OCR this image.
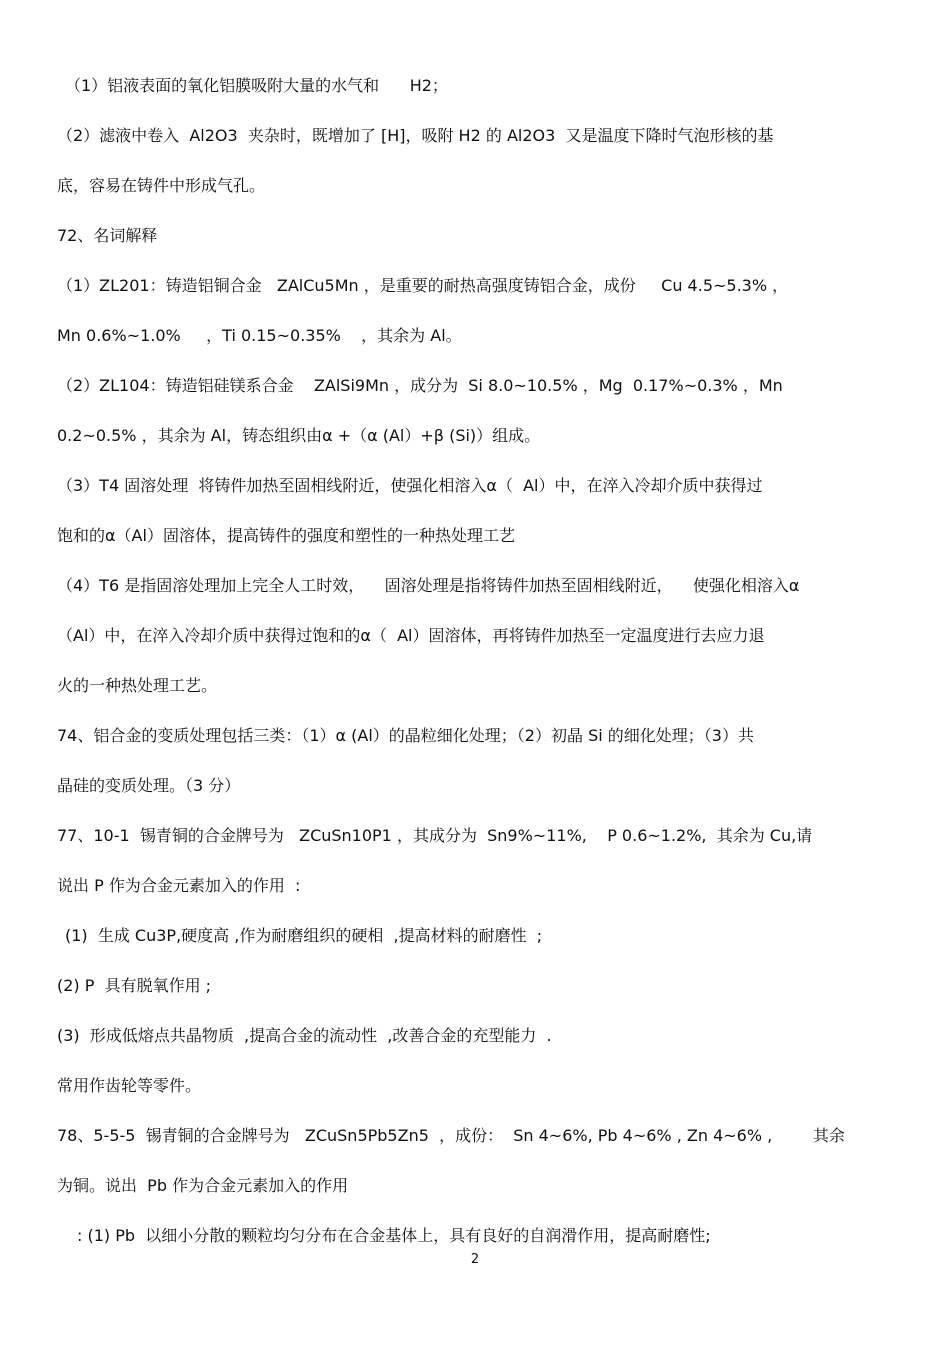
（1）铝液表面的氧化铝膜吸附大量的水气和      H2；
（2）滤液中卷入  Al2O3  夹杂时，既增加了 [H]，吸附 H2 的 Al2O3  又是温度下降时气泡形核的基
底，容易在铸件中形成气孔。
72、名词解释
（1）ZL201：铸造铝铜合金   ZAlCu5Mn ，是重要的耐热高强度铸铝合金，成份     Cu 4.5~5.3% ，
Mn 0.6%~1.0%     ，Ti 0.15~0.35%    ，其余为 Al。
（2）ZL104：铸造铝硅镁系合金    ZAlSi9Mn ，成分为  Si 8.0~10.5% ，Mg  0.17%~0.3% ，Mn
0.2~0.5% ，其余为 Al，铸态组织由α +（α (Al）+β (Si)）组成。
（3）T4 固溶处理  将铸件加热至固相线附近，使强化相溶入α（  Al）中，在淬入冷却介质中获得过
饱和的α（Al）固溶体，提高铸件的强度和塑性的一种热处理工艺
（4）T6 是指固溶处理加上完全人工时效，    固溶处理是指将铸件加热至固相线附近，    使强化相溶入α
（Al）中，在淬入冷却介质中获得过饱和的α（  Al）固溶体，再将铸件加热至一定温度进行去应力退
火的一种热处理工艺。
74、铝合金的变质处理包括三类：（1）α (Al）的晶粒细化处理；（2）初晶 Si 的细化处理；（3）共
晶硅的变质处理。（3 分）
77、10-1  锡青铜的合金牌号为   ZCuSn10P1 ，其成分为  Sn9%~11%,    P 0.6~1.2%,  其余为 Cu,请
说出 P 作为合金元素加入的作用  :
(1)  生成 Cu3P,硬度高 ,作为耐磨组织的硬相  ,提高材料的耐磨性  ;
(2) P  具有脱氧作用 ;
(3)  形成低熔点共晶物质  ,提高合金的流动性  ,改善合金的充型能力  .
常用作齿轮等零件。
78、5-5-5  锡青铜的合金牌号为   ZCuSn5Pb5Zn5  ，成份：  Sn 4~6%, Pb 4~6% , Zn 4~6% ,        其余
为铜。说出  Pb 作为合金元素加入的作用
: (1) Pb  以细小分散的颗粒均匀分布在合金基体上，具有良好的自润滑作用，提高耐磨性;
2
